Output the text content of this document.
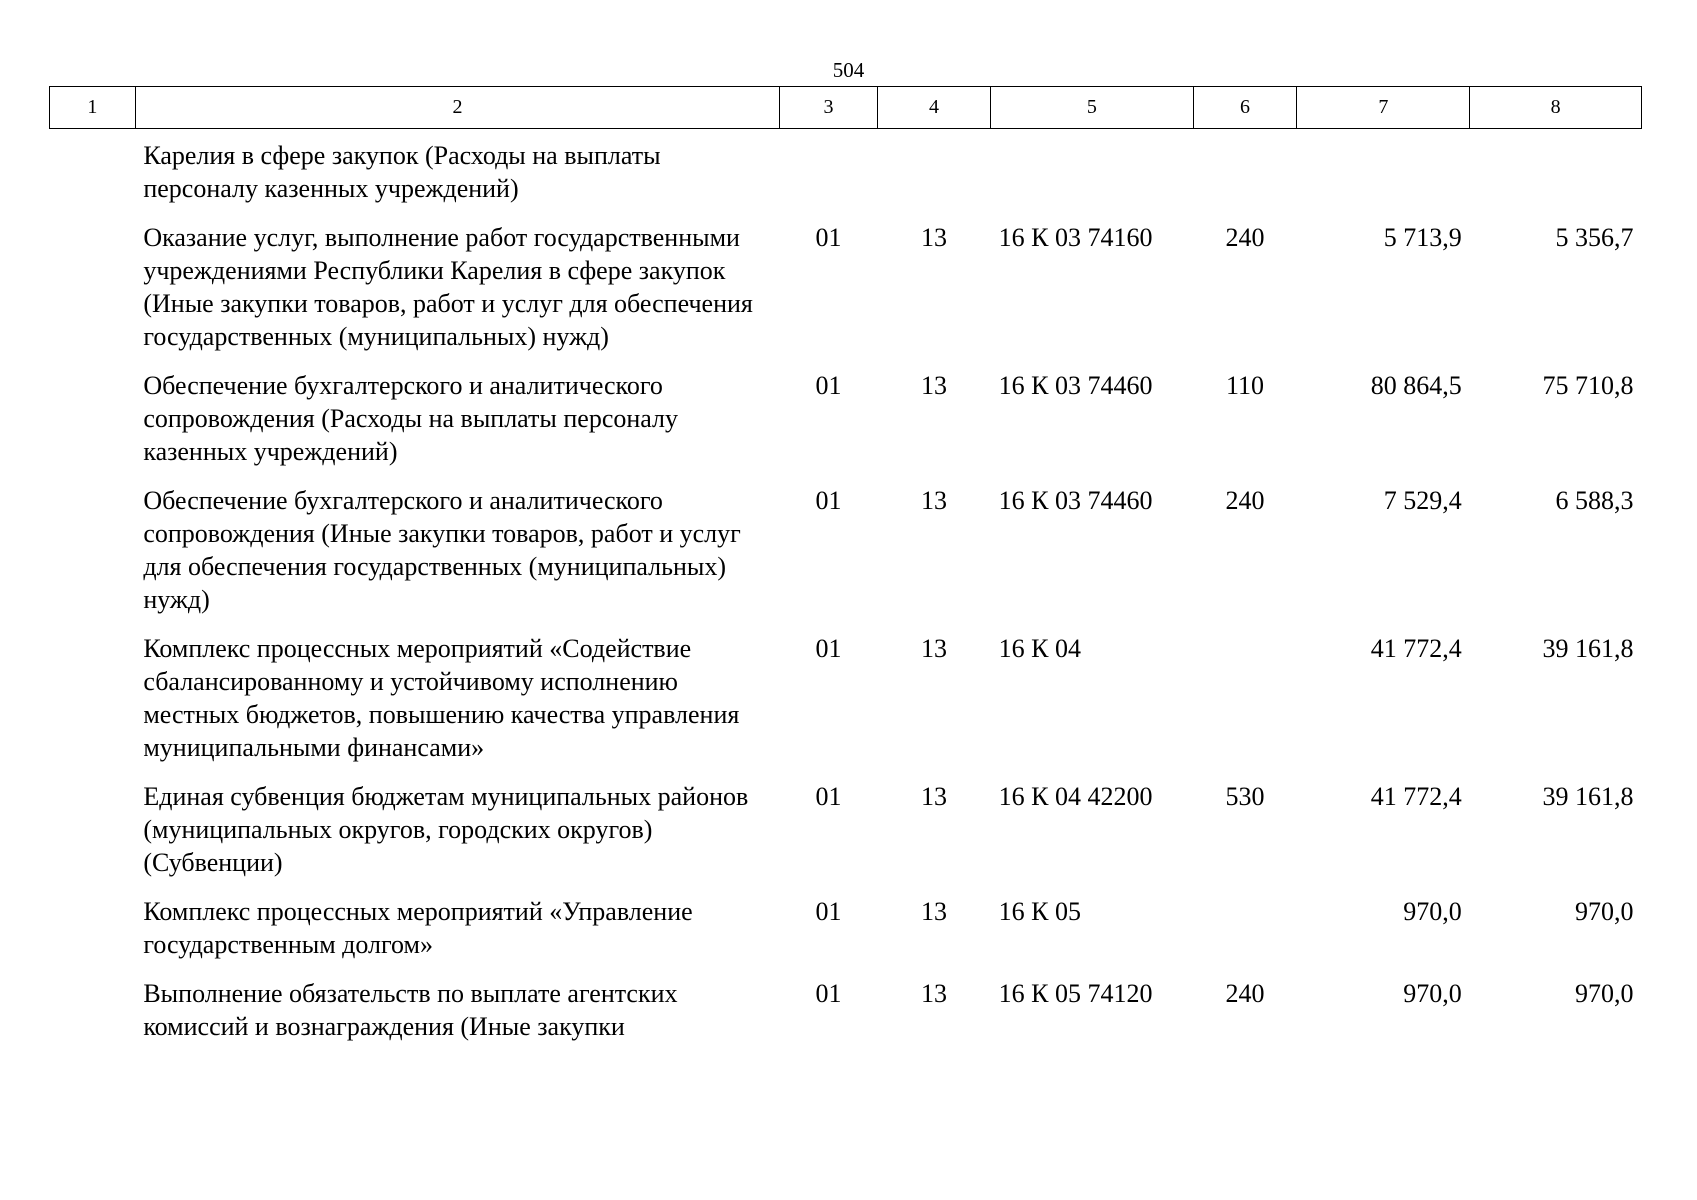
504
1	2	3	4	5	6	7	8
	Карелия в сфере закупок (Расходы на выплаты персоналу казенных учреждений)						
	Оказание услуг, выполнение работ государственными учреждениями Республики Карелия в сфере закупок (Иные закупки товаров, работ и услуг для обеспечения государственных (муниципальных) нужд)	01	13	16 К 03 74160	240	5 713,9	5 356,7
	Обеспечение бухгалтерского и аналитического сопровождения (Расходы на выплаты персоналу казенных учреждений)	01	13	16 К 03 74460	110	80 864,5	75 710,8
	Обеспечение бухгалтерского и аналитического сопровождения (Иные закупки товаров, работ и услуг для обеспечения государственных (муниципальных) нужд)	01	13	16 К 03 74460	240	7 529,4	6 588,3
	Комплекс процессных мероприятий «Содействие сбалансированному и устойчивому исполнению местных бюджетов, повышению качества управления муниципальными финансами»	01	13	16 К 04		41 772,4	39 161,8
	Единая субвенция бюджетам муниципальных районов (муниципальных округов, городских округов) (Субвенции)	01	13	16 К 04 42200	530	41 772,4	39 161,8
	Комплекс процессных мероприятий «Управление государственным долгом»	01	13	16 К 05		970,0	970,0
	Выполнение обязательств по выплате агентских комиссий и вознаграждения (Иные закупки	01	13	16 К 05 74120	240	970,0	970,0
